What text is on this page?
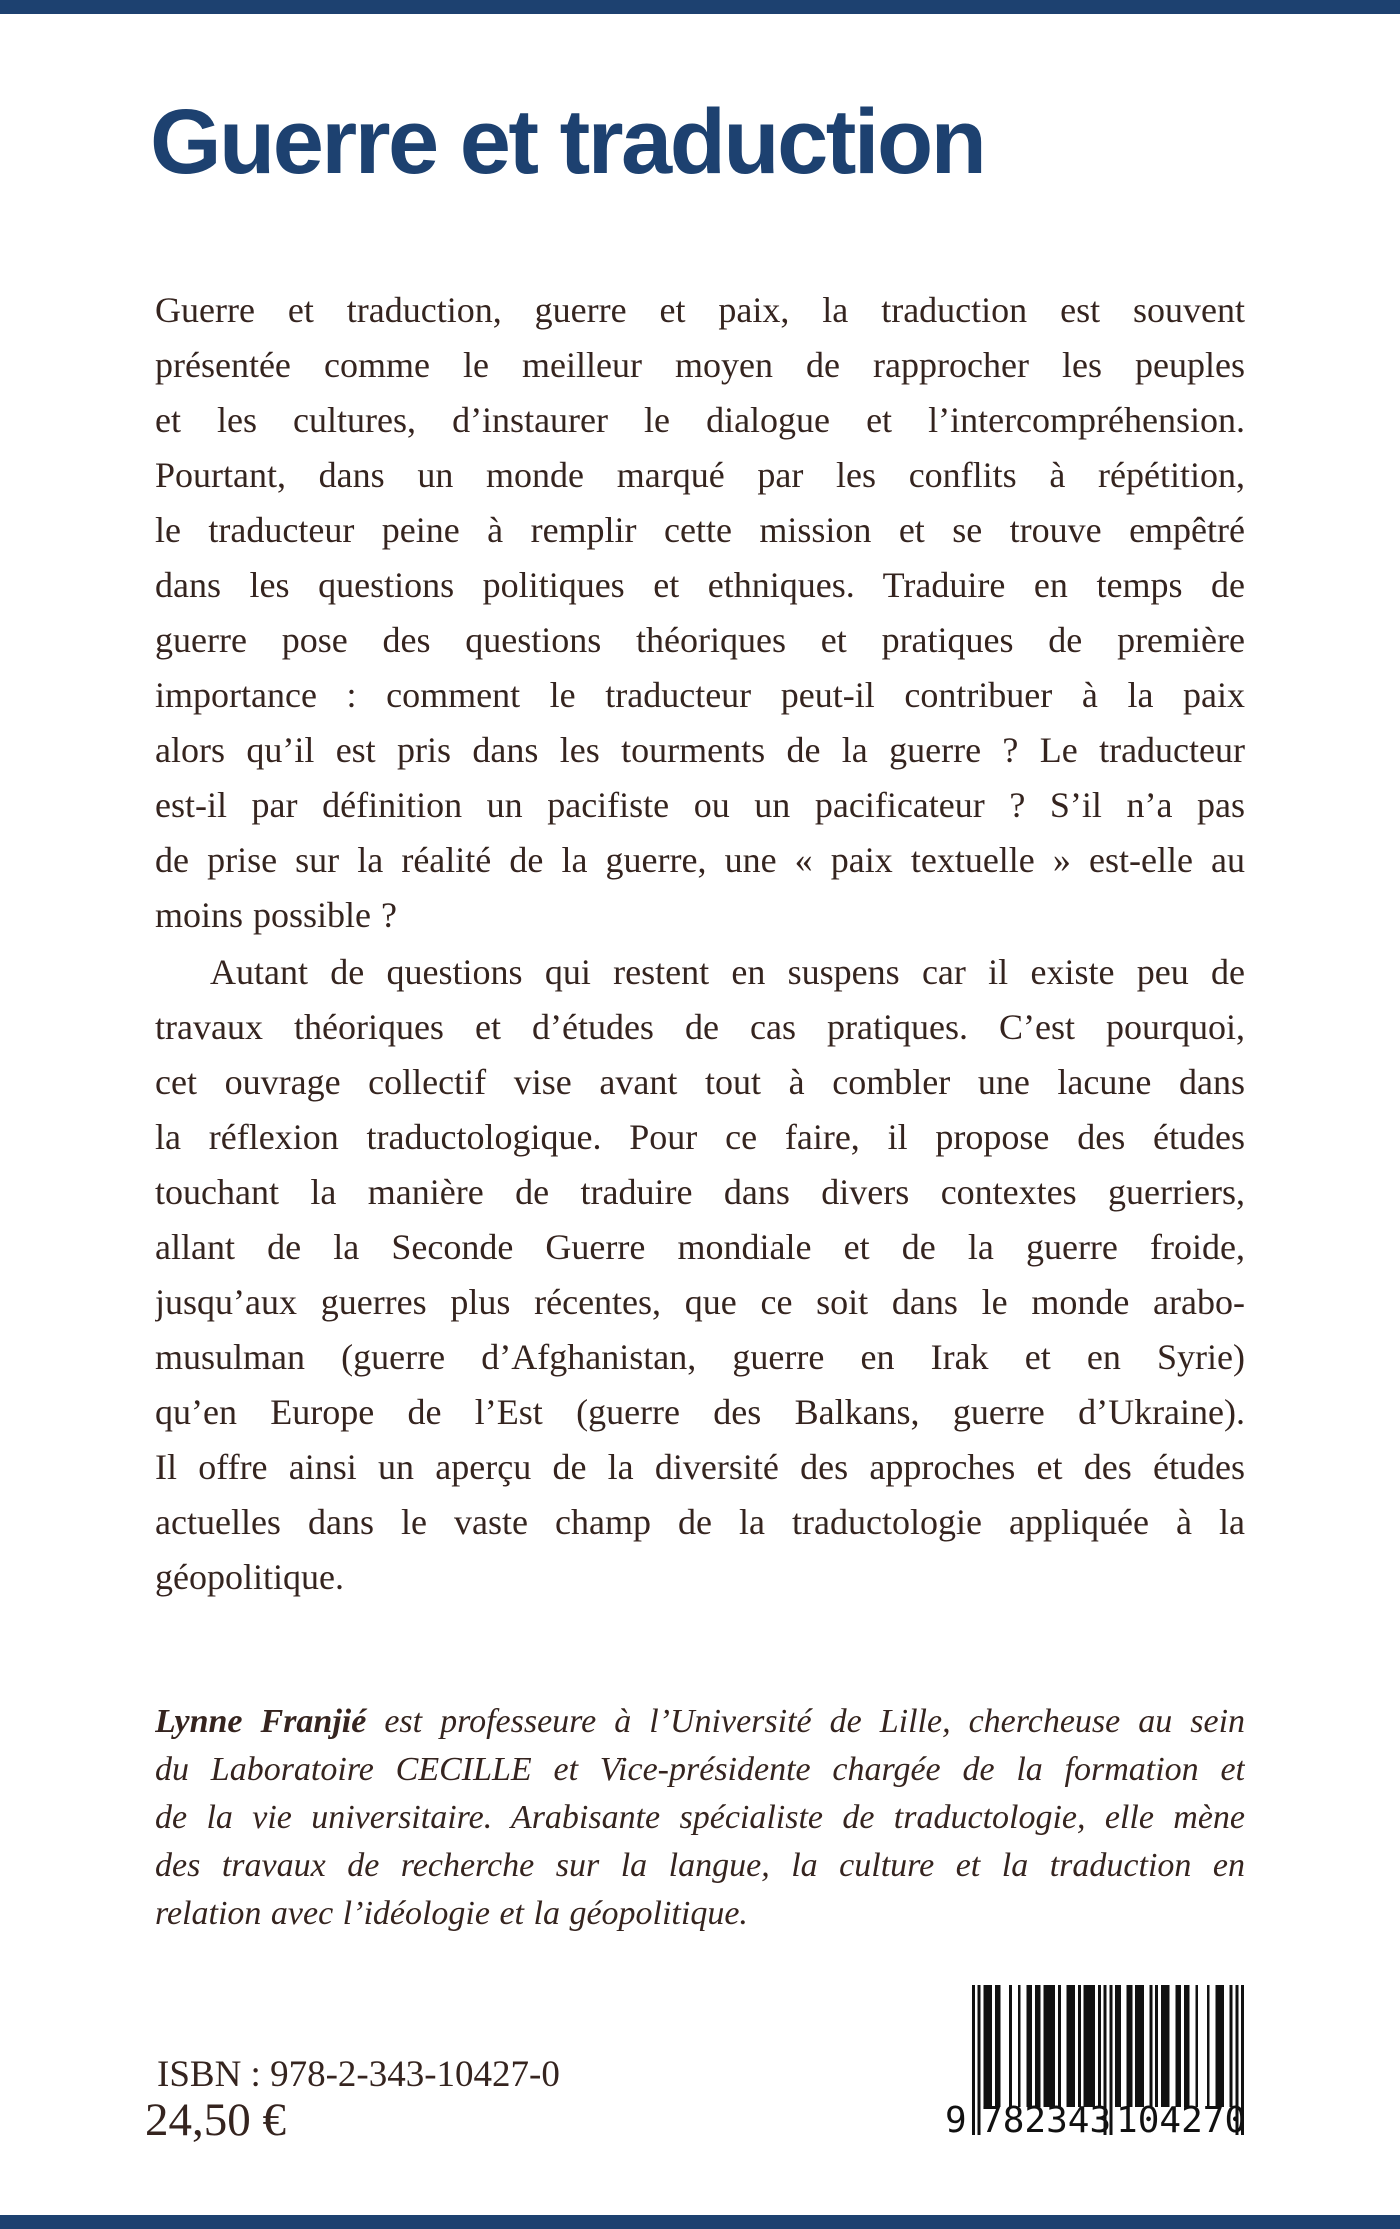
Guerre et traduction
Guerre et traduction, guerre et paix, la traduction est souvent
présentée comme le meilleur moyen de rapprocher les peuples
et les cultures, d’instaurer le dialogue et l’intercompréhension.
Pourtant, dans un monde marqué par les conflits à répétition,
le traducteur peine à remplir cette mission et se trouve empêtré
dans les questions politiques et ethniques. Traduire en temps de
guerre pose des questions théoriques et pratiques de première
importance : comment le traducteur peut-il contribuer à la paix
alors qu’il est pris dans les tourments de la guerre ? Le traducteur
est-il par définition un pacifiste ou un pacificateur ? S’il n’a pas
de prise sur la réalité de la guerre, une « paix textuelle » est-elle au
moins possible ?
Autant de questions qui restent en suspens car il existe peu de
travaux théoriques et d’études de cas pratiques. C’est pourquoi,
cet ouvrage collectif vise avant tout à combler une lacune dans
la réflexion traductologique. Pour ce faire, il propose des études
touchant la manière de traduire dans divers contextes guerriers,
allant de la Seconde Guerre mondiale et de la guerre froide,
jusqu’aux guerres plus récentes, que ce soit dans le monde arabo-
musulman (guerre d’Afghanistan, guerre en Irak et en Syrie)
qu’en Europe de l’Est (guerre des Balkans, guerre d’Ukraine).
Il offre ainsi un aperçu de la diversité des approches et des études
actuelles dans le vaste champ de la traductologie appliquée à la
géopolitique.
Lynne Franjié est professeure à l’Université de Lille, chercheuse au sein
du Laboratoire CECILLE et Vice-présidente chargée de la formation et
de la vie universitaire. Arabisante spécialiste de traductologie, elle mène
des travaux de recherche sur la langue, la culture et la traduction en
relation avec l’idéologie et la géopolitique.
ISBN : 978-2-343-10427-0
24,50 €	9 7 8 2 3 4 3 1 0 4 2 7 0
